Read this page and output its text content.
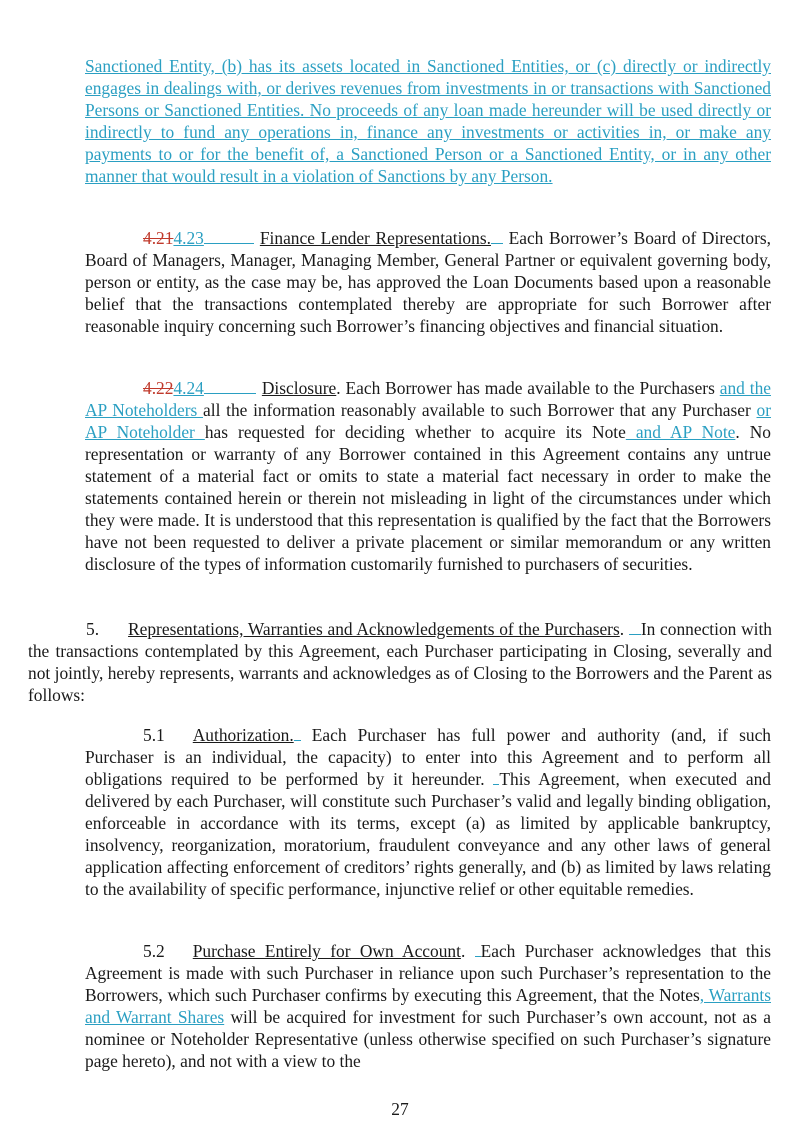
Sanctioned Entity, (b) has its assets located in Sanctioned Entities, or (c) directly or indirectly engages in dealings with, or derives revenues from investments in or transactions with Sanctioned Persons or Sanctioned Entities. No proceeds of any loan made hereunder will be used directly or indirectly to fund any operations in, finance any investments or activities in, or make any payments to or for the benefit of, a Sanctioned Person or a Sanctioned Entity, or in any other manner that would result in a violation of Sanctions by any Person.

4.214.23	Finance Lender Representations. Each Borrower’s Board of Directors, Board of Managers, Manager, Managing Member, General Partner or equivalent governing body, person or entity, as the case may be, has approved the Loan Documents based upon a reasonable belief that the transactions contemplated thereby are appropriate for such Borrower after reasonable inquiry concerning such Borrower’s financing objectives and financial situation.

4.224.24	Disclosure. Each Borrower has made available to the Purchasers and the AP Noteholders all the information reasonably available to such Borrower that any Purchaser or AP Noteholder has requested for deciding whether to acquire its Note and AP Note. No representation or warranty of any Borrower contained in this Agreement contains any untrue statement of a material fact or omits to state a material fact necessary in order to make the statements contained herein or therein not misleading in light of the circumstances under which they were made. It is understood that this representation is qualified by the fact that the Borrowers have not been requested to deliver a private placement or similar memorandum or any written disclosure of the types of information customarily furnished to purchasers of securities.

5. Representations, Warranties and Acknowledgements of the Purchasers. In connection with the transactions contemplated by this Agreement, each Purchaser participating in Closing, severally and not jointly, hereby represents, warrants and acknowledges as of Closing to the Borrowers and the Parent as follows:

5.1 Authorization. Each Purchaser has full power and authority (and, if such Purchaser is an individual, the capacity) to enter into this Agreement and to perform all obligations required to be performed by it hereunder. This Agreement, when executed and delivered by each Purchaser, will constitute such Purchaser’s valid and legally binding obligation, enforceable in accordance with its terms, except (a) as limited by applicable bankruptcy, insolvency, reorganization, moratorium, fraudulent conveyance and any other laws of general application affecting enforcement of creditors’ rights generally, and (b) as limited by laws relating to the availability of specific performance, injunctive relief or other equitable remedies.

5.2 Purchase Entirely for Own Account. Each Purchaser acknowledges that this Agreement is made with such Purchaser in reliance upon such Purchaser’s representation to the Borrowers, which such Purchaser confirms by executing this Agreement, that the Notes, Warrants and Warrant Shares will be acquired for investment for such Purchaser’s own account, not as a nominee or Noteholder Representative (unless otherwise specified on such Purchaser’s signature page hereto), and not with a view to the

27
